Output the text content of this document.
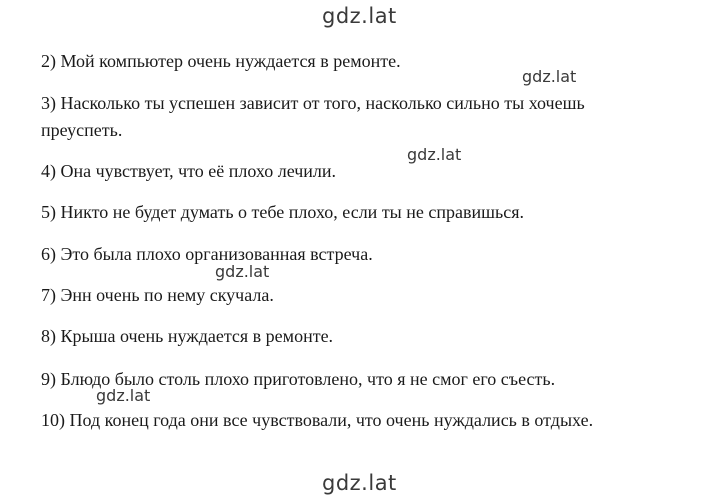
gdz.lat
2) Мой компьютер очень нуждается в ремонте.
gdz.lat
3) Насколько ты успешен зависит от того, насколько сильно ты хочешь
преуспеть.
gdz.lat
4) Она чувствует, что её плохо лечили.
5) Никто не будет думать о тебе плохо, если ты не справишься.
6) Это была плохо организованная встреча.
gdz.lat
7) Энн очень по нему скучала.
8) Крыша очень нуждается в ремонте.
9) Блюдо было столь плохо приготовлено, что я не смог его съесть.
gdz.lat
10) Под конец года они все чувствовали, что очень нуждались в отдыхе.
gdz.lat
